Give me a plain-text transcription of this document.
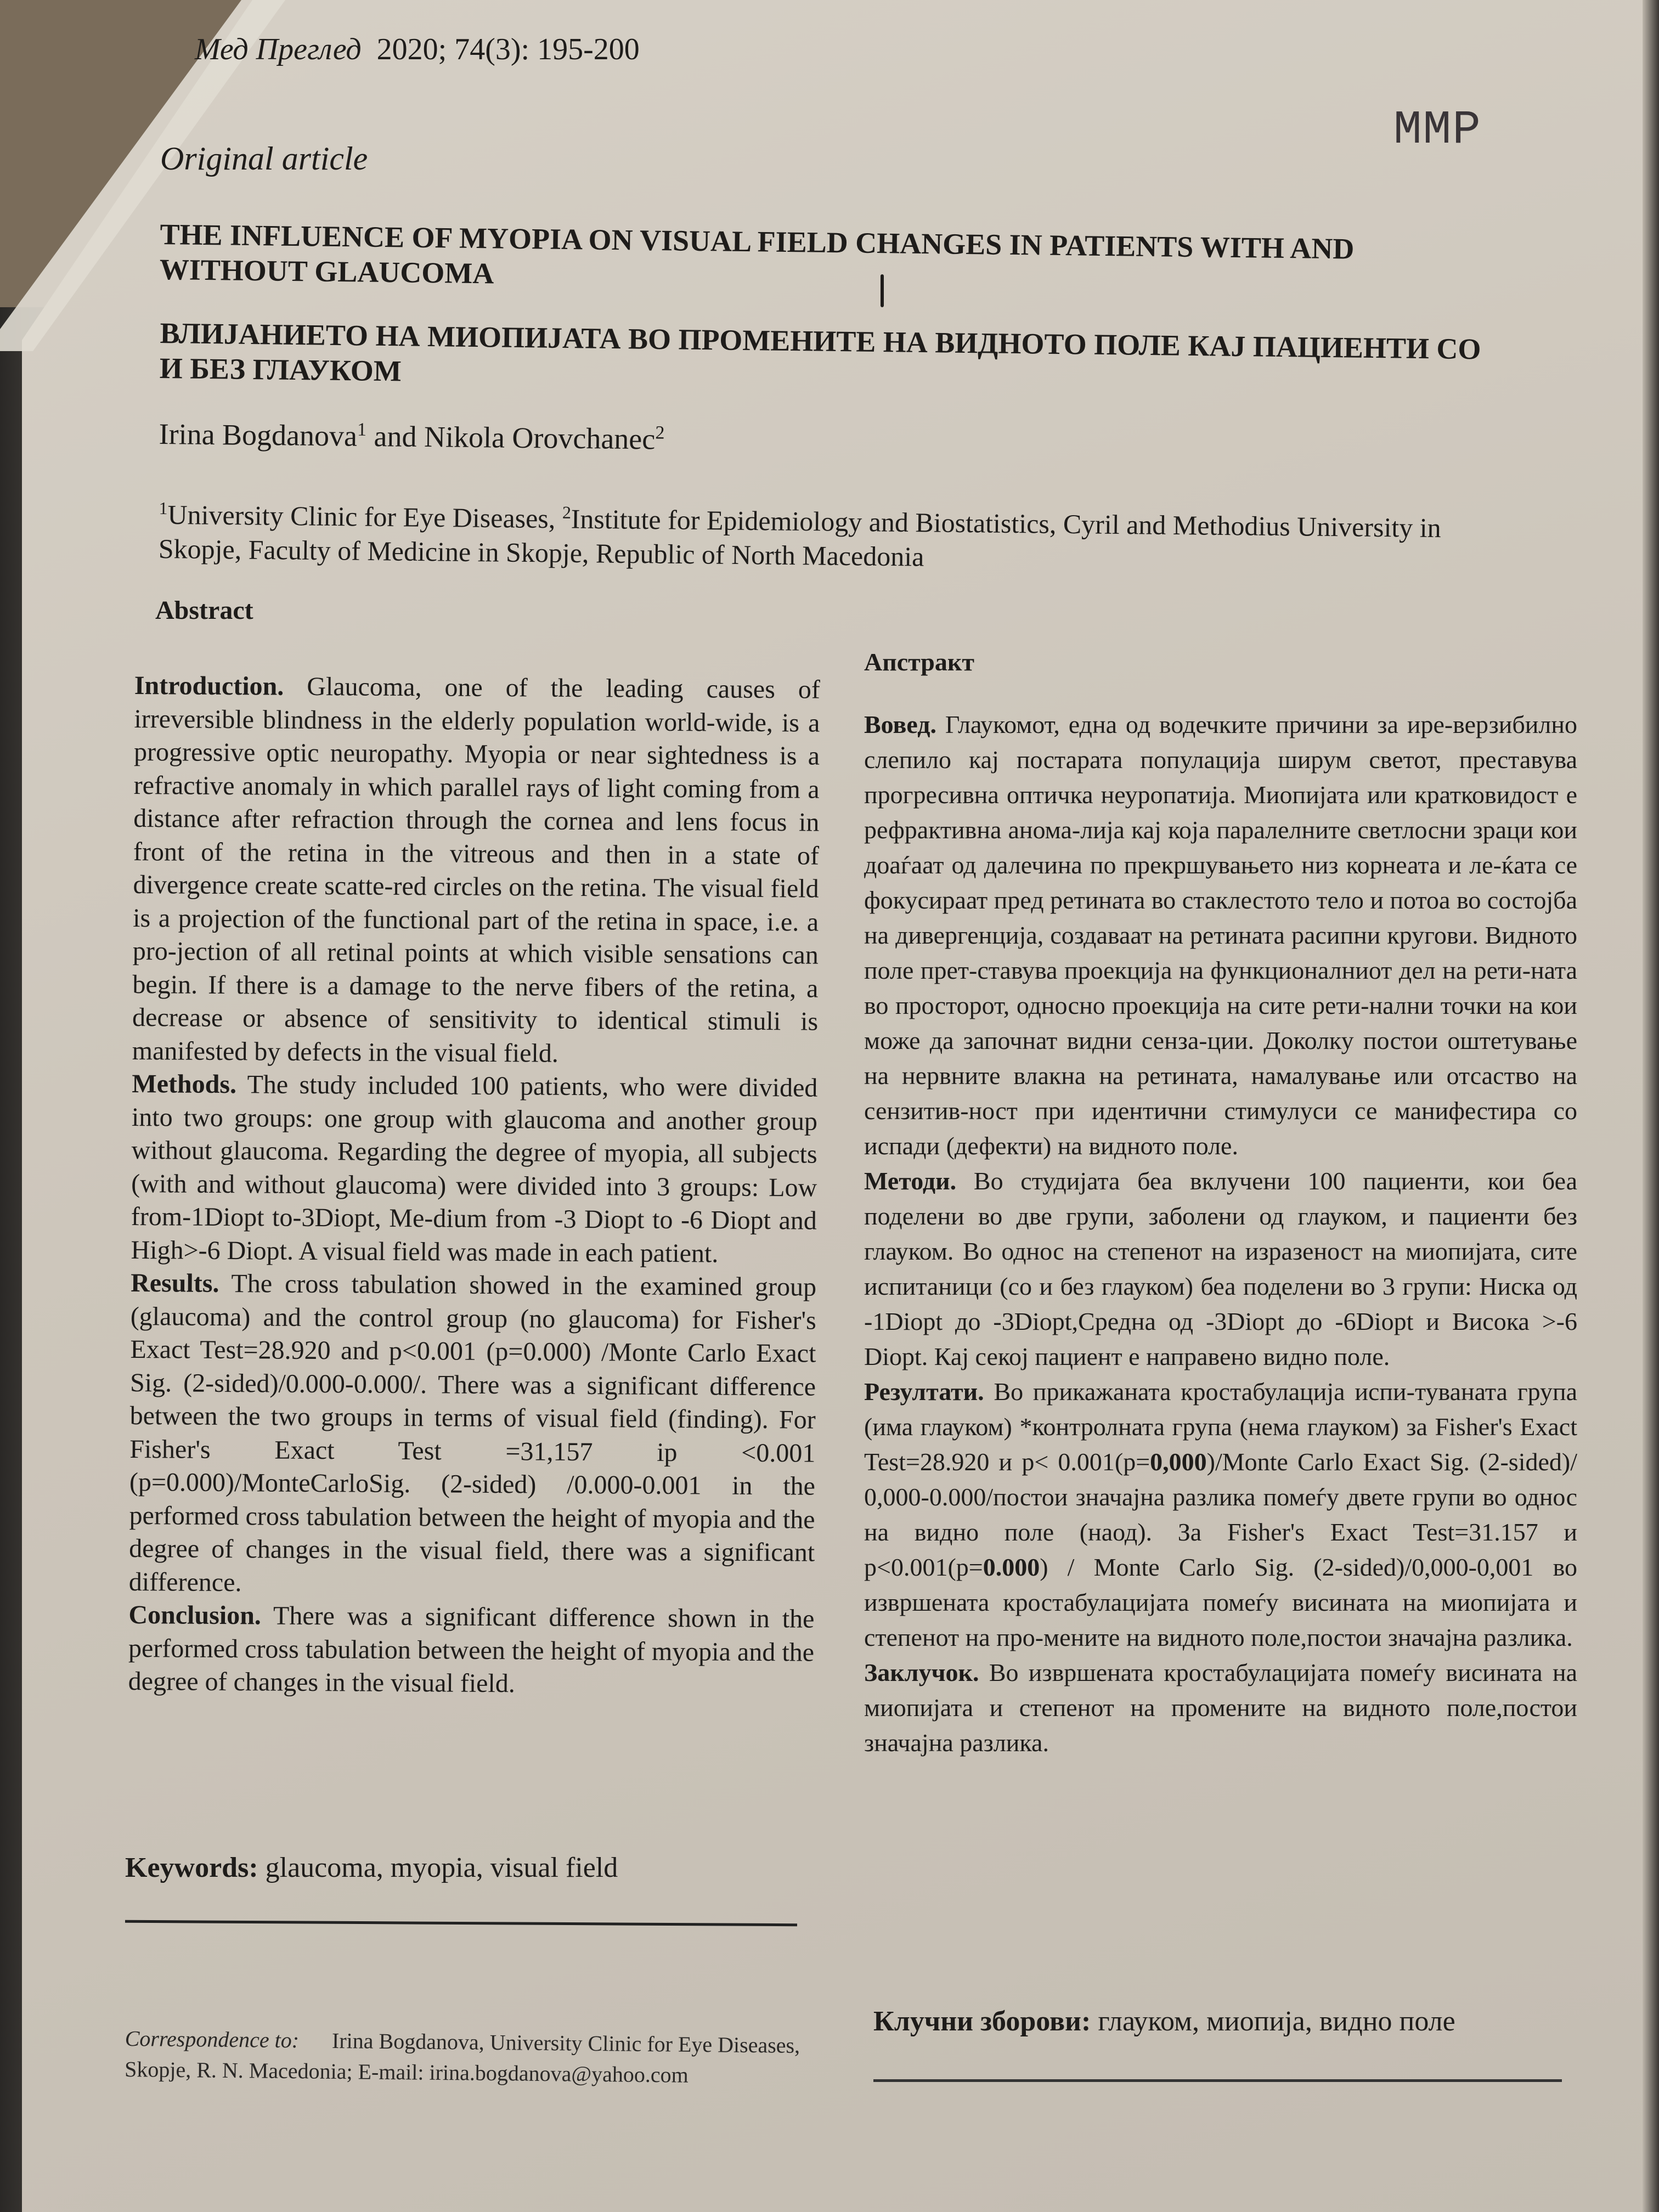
Мед Преглед 2020; 74(3): 195-200
MMP
Original article
THE INFLUENCE OF MYOPIA ON VISUAL FIELD CHANGES IN PATIENTS WITH AND WITHOUT GLAUCOMA
ВЛИЈАНИЕТО НА МИОПИЈАТА ВО ПРОМЕНИТЕ НА ВИДНОТО ПОЛЕ КАЈ ПАЦИЕНТИ СО И БЕЗ ГЛАУКОМ
Irina Bogdanova$^1$ and Nikola Orovchanec$^2$
$^1$University Clinic for Eye Diseases, $^2$Institute for Epidemiology and Biostatistics, Cyril and Methodius University in Skopje, Faculty of Medicine in Skopje, Republic of North Macedonia
Abstract

Introduction. Glaucoma, one of the leading causes of irreversible blindness in the elderly population world-wide, is a progressive optic neuropathy. Myopia or near sightedness is a refractive anomaly in which parallel rays of light coming from a distance after refraction through the cornea and lens focus in front of the retina in the vitreous and then in a state of divergence create scatte-red circles on the retina. The visual field is a projection of the functional part of the retina in space, i.e. a pro-jection of all retinal points at which visible sensations can begin. If there is a damage to the nerve fibers of the retina, a decrease or absence of sensitivity to identical stimuli is manifested by defects in the visual field.

Methods. The study included 100 patients, who were divided into two groups: one group with glaucoma and another group without glaucoma. Regarding the degree of myopia, all subjects (with and without glaucoma) were divided into 3 groups: Low from-1Diopt to-3Diopt, Me-dium from -3 Diopt to -6 Diopt and High>-6 Diopt. A visual field was made in each patient.

Results. The cross tabulation showed in the examined group (glaucoma) and the control group (no glaucoma) for Fisher's Exact Test=28.920 and p<0.001 (p=0.000) /Monte Carlo Exact Sig. (2-sided)/0.000-0.000/. There was a significant difference between the two groups in terms of visual field (finding). For Fisher's Exact Test =31,157 ip <0.001 (p=0.000)/MonteCarloSig. (2-sided) /0.000-0.001 in the performed cross tabulation between the height of myopia and the degree of changes in the visual field, there was a significant difference.

Conclusion. There was a significant difference shown in the performed cross tabulation between the height of myopia and the degree of changes in the visual field.

Keywords: glaucoma, myopia, visual field
Апстракт

Вовед. Глаукомот, една од водечките причини за ире-верзибилно слепило кај постарата популација ширум светот, преставува прогресивна оптичка неуропатија. Миопијата или кратковидост е рефрактивна анома-лија кај која паралелните светлосни зраци кои доаѓаат од далечина по прекршувањето низ корнеата и ле-ќата се фокусираат пред ретината во стаклестото тело и потоа во состојба на дивергенција, создаваат на ретината расипни кругови. Видното поле прет-ставува проекција на функционалниот дел на рети-ната во просторот, односно проекција на сите рети-нални точки на кои може да започнат видни сенза-ции. Доколку постои оштетување на нервните влакна на ретината, намалување или отсаство на сензитив-ност при идентични стимулуси се манифестира со испади (дефекти) на видното поле.

Методи. Во студијата беа вклучени 100 пациенти, кои беа поделени во две групи, заболени од глауком, и пациенти без глауком. Во однос на степенот на изразеност на миопијата, сите испитаници (со и без глауком) беа поделени во 3 групи: Ниска од -1Diopt до -3Diopt,Средна од -3Diopt до -6Diopt и Висока >-6 Diopt. Кај секој пациент е направено видно поле.

Резултати. Во прикажаната кростабулација испи-туваната група (има глауком) *контролната група (нема глауком) за Fisher's Exact Test=28.920 и p< 0.001(p=0,000)/Monte Carlo Exact Sig. (2-sided)/ 0,000-0.000/постои значајна разлика помеѓу двете групи во однос на видно поле (наод). За Fisher's Exact Test=31.157 и p<0.001(p=0.000) / Monte Carlo Sig. (2-sided)/0,000-0,001 во извршената кростабулацијата помеѓу висината на миопијата и степенот на про-мените на видното поле,постои значајна разлика.

Заклучок. Во извршената кростабулацијата помеѓу висината на миопијата и степенот на промените на видното поле,постои значајна разлика.

Клучни зборови: глауком, миопија, видно поле
Correspondence to: Irina Bogdanova, University Clinic for Eye Diseases, Skopje, R. N. Macedonia; E-mail: irina.bogdanova@yahoo.com
